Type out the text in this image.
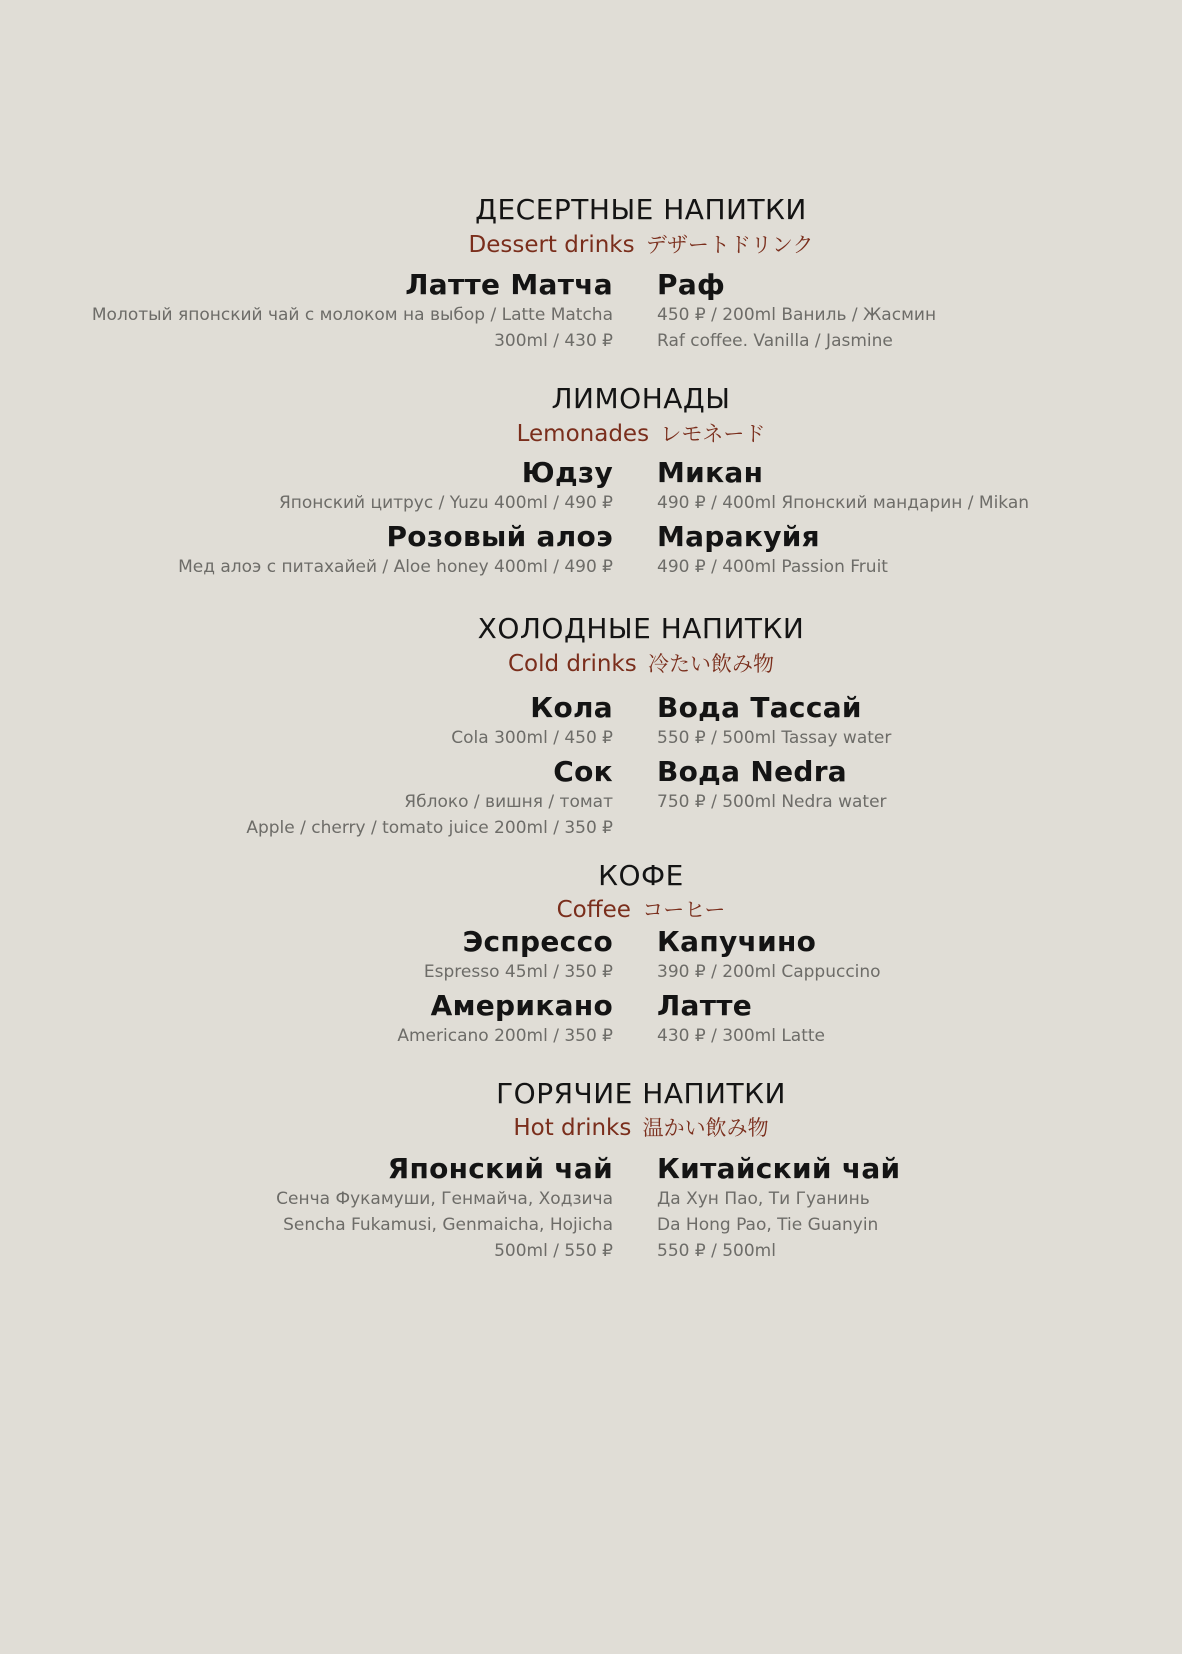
ДЕСЕРТНЫЕ НАПИТКИ
Dessert drinks デザートドリンク
Латте Матча
Молотый японский чай с молоком на выбор / Latte Matcha
300ml / 430 ₽
Раф
450 ₽ / 200ml Ваниль / Жасмин
Raf coffee. Vanilla / Jasmine
ЛИМОНАДЫ
Lemonades レモネード
Юдзу
Японский цитрус / Yuzu 400ml / 490 ₽
Розовый алоэ
Мед алоэ с питахайей / Aloe honey 400ml / 490 ₽
Микан
490 ₽ / 400ml Японский мандарин / Mikan
Маракуйя
490 ₽ / 400ml Passion Fruit
ХОЛОДНЫЕ НАПИТКИ
Cold drinks 冷たい飲み物
Кола
Cola 300ml / 450 ₽
Сок
Яблоко / вишня / томат
Apple / cherry / tomato juice 200ml / 350 ₽
Вода Тассай
550 ₽ / 500ml Tassay water
Вода Nedra
750 ₽ / 500ml Nedra water
КОФЕ
Coffee コーヒー
Эспрессо
Espresso 45ml / 350 ₽
Американо
Americano 200ml / 350 ₽
Капучино
390 ₽ / 200ml Cappuccino
Латте
430 ₽ / 300ml Latte
ГОРЯЧИЕ НАПИТКИ
Hot drinks 温かい飲み物
Японский чай
Сенча Фукамуши, Генмайча, Ходзича
Sencha Fukamusi, Genmaicha, Hojicha
500ml / 550 ₽
Китайский чай
Да Хун Пао, Ти Гуанинь
Da Hong Pao, Tie Guanyin
550 ₽ / 500ml
